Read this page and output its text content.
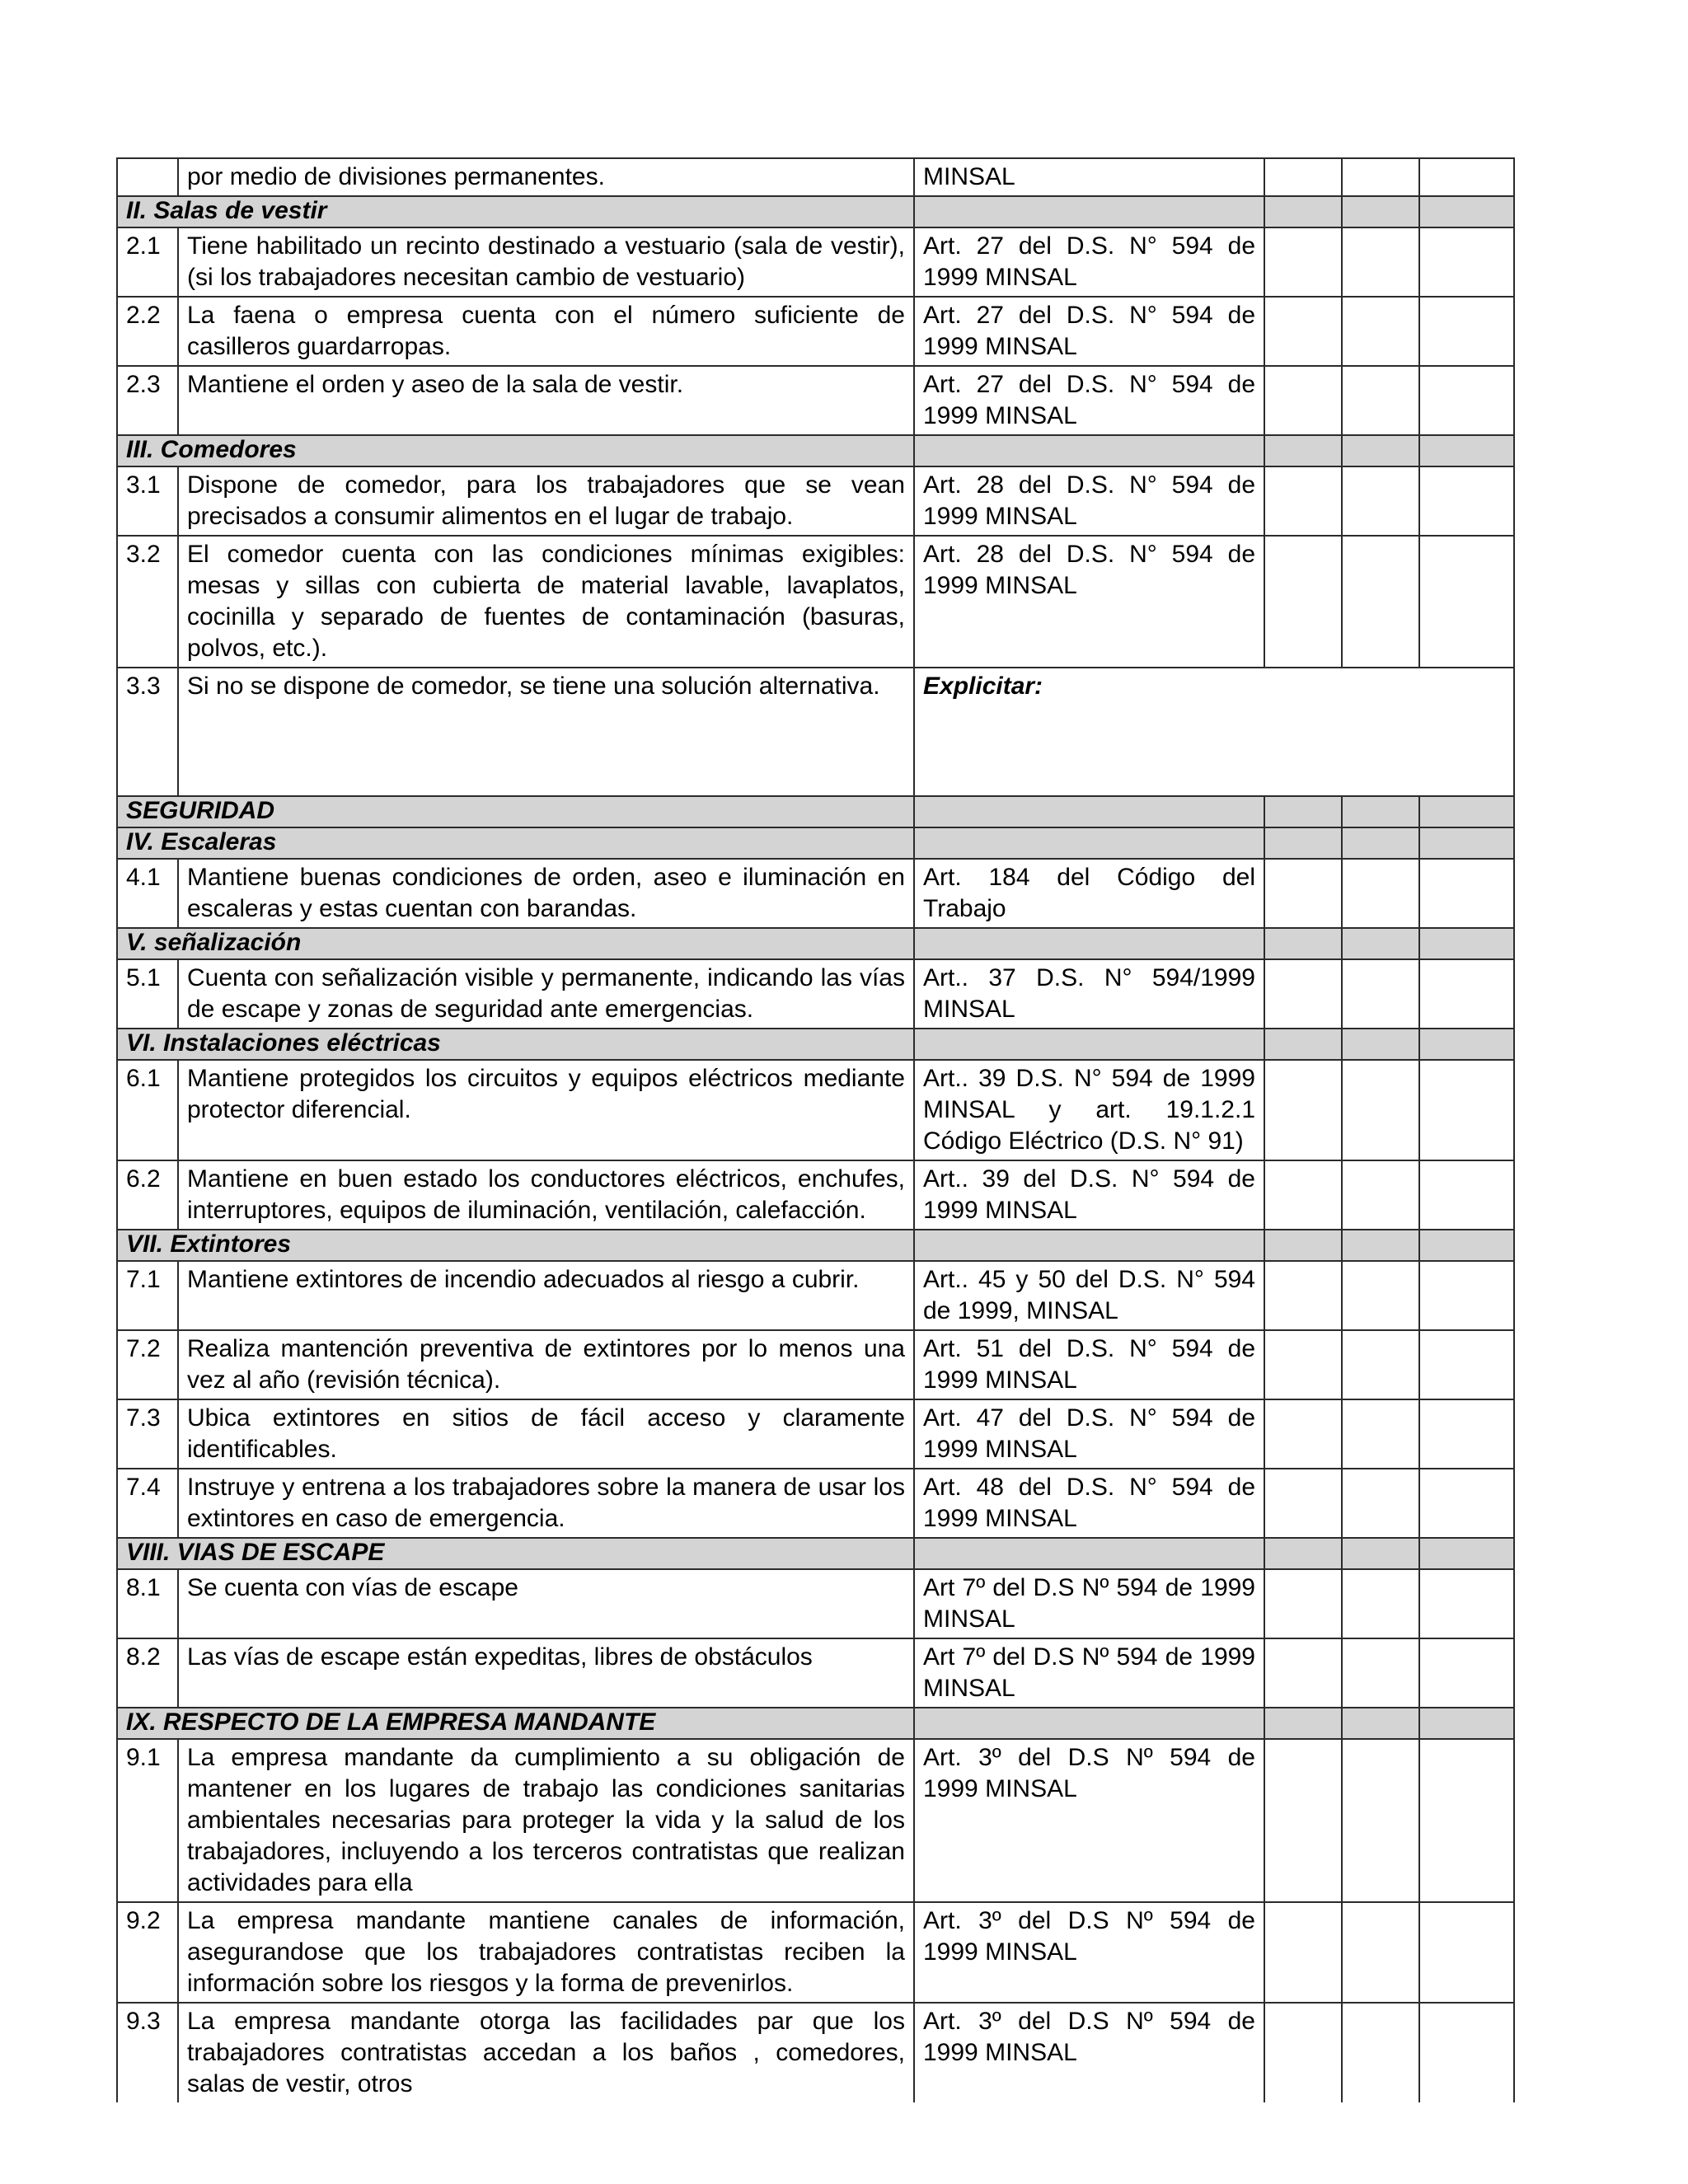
	por medio de divisiones permanentes.	MINSAL			
II. Salas de vestir					
2.1	Tiene habilitado un recinto destinado a vestuario (sala de vestir), (si los trabajadores necesitan cambio de vestuario)	Art. 27 del D.S. N° 594 de 1999 MINSAL			
2.2	La faena o empresa cuenta con el número suficiente de casilleros guardarropas.	Art. 27 del D.S. N° 594 de 1999 MINSAL			
2.3	Mantiene el orden y aseo de la sala de vestir.	Art. 27 del D.S. N° 594 de 1999 MINSAL			
III. Comedores					
3.1	Dispone de comedor, para los trabajadores que se vean precisados a consumir alimentos en el lugar de trabajo.	Art. 28 del D.S. N° 594 de 1999 MINSAL			
3.2	El comedor cuenta con las condiciones mínimas exigibles: mesas y sillas con cubierta de material lavable, lavaplatos, cocinilla y separado de fuentes de contaminación (basuras, polvos, etc.).	Art. 28 del D.S. N° 594 de 1999 MINSAL			
3.3	Si no se dispone de comedor, se tiene una solución alternativa.	Explicitar:			
SEGURIDAD					
IV. Escaleras					
4.1	Mantiene buenas condiciones de orden, aseo e iluminación en escaleras y estas cuentan con barandas.	Art. 184 del Código del Trabajo			
V. señalización					
5.1	Cuenta con señalización visible y permanente, indicando las vías de escape y zonas de seguridad ante emergencias.	Art.. 37 D.S. N° 594/1999 MINSAL			
VI. Instalaciones eléctricas					
6.1	Mantiene protegidos los circuitos y equipos eléctricos mediante protector diferencial.	Art.. 39 D.S. N° 594 de 1999 MINSAL y art. 19.1.2.1 Código Eléctrico (D.S. N° 91)			
6.2	Mantiene en buen estado los conductores eléctricos, enchufes, interruptores, equipos de iluminación, ventilación, calefacción.	Art.. 39 del D.S. N° 594 de 1999 MINSAL			
VII. Extintores					
7.1	Mantiene extintores de incendio adecuados al riesgo a cubrir.	Art.. 45 y 50 del D.S. N° 594 de 1999, MINSAL			
7.2	Realiza mantención preventiva de extintores por lo menos una vez al año (revisión técnica).	Art. 51 del D.S. N° 594 de 1999 MINSAL			
7.3	Ubica extintores en sitios de fácil acceso y claramente identificables.	Art. 47 del D.S. N° 594 de 1999 MINSAL			
7.4	Instruye y entrena a los trabajadores sobre la manera de usar los extintores en caso de emergencia.	Art. 48 del D.S. N° 594 de 1999 MINSAL			
VIII. VIAS DE ESCAPE					
8.1	Se cuenta con vías de escape	Art 7º del D.S Nº 594 de 1999 MINSAL			
8.2	Las vías de escape están expeditas, libres de obstáculos	Art 7º del D.S Nº 594 de 1999 MINSAL			
IX. RESPECTO DE LA EMPRESA MANDANTE					
9.1	La empresa mandante da cumplimiento a su obligación de mantener en los lugares de trabajo las condiciones sanitarias ambientales necesarias para proteger la vida y la salud de los trabajadores, incluyendo a los terceros contratistas que realizan actividades para ella	Art. 3º del D.S Nº 594 de 1999 MINSAL			
9.2	La empresa mandante mantiene canales de información, asegurandose que los trabajadores contratistas reciben la información sobre los riesgos y la forma de prevenirlos.	Art. 3º del D.S Nº 594 de 1999 MINSAL			
9.3	La empresa mandante otorga las facilidades par que los trabajadores contratistas accedan a los baños , comedores, salas de vestir, otros	Art. 3º del D.S Nº 594 de 1999 MINSAL			
